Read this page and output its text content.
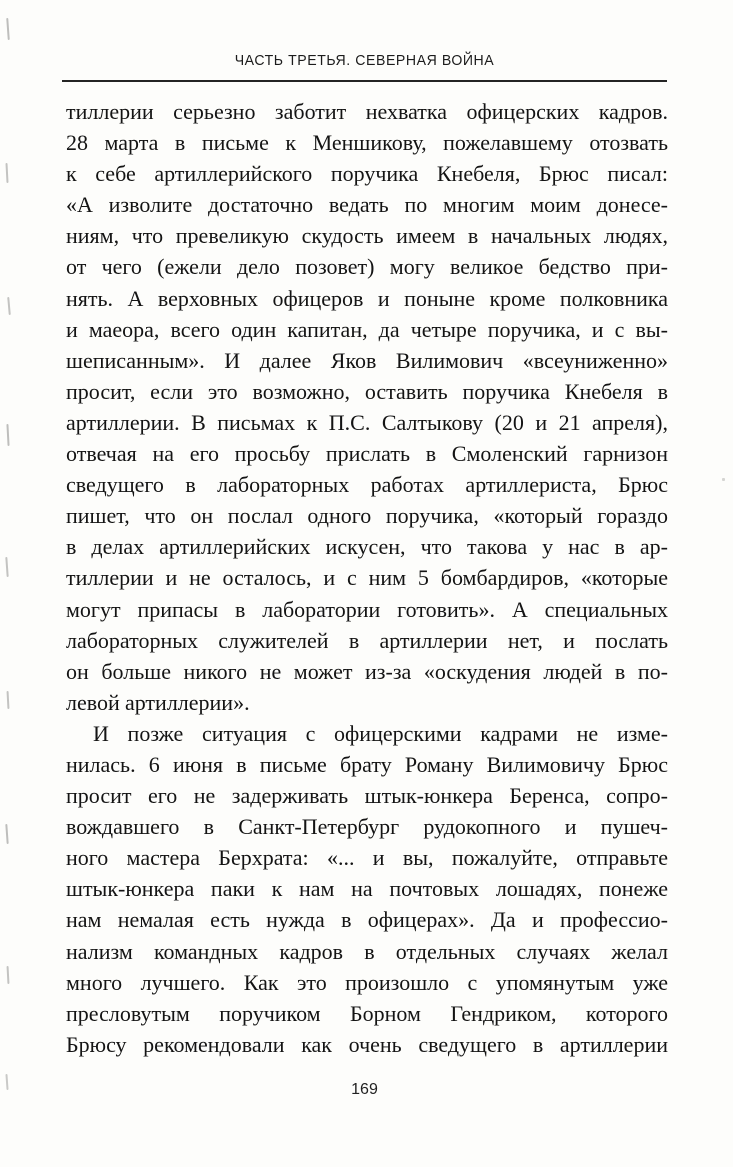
ЧАСТЬ ТРЕТЬЯ. СЕВЕРНАЯ ВОЙНА
тиллерии серьезно заботит нехватка офицерских кадров.
28 марта в письме к Меншикову, пожелавшему отозвать
к себе артиллерийского поручика Кнебеля, Брюс писал:
«А изволите достаточно ведать по многим моим донесе-
ниям, что превеликую скудость имеем в начальных людях,
от чего (ежели дело позовет) могу великое бедство при-
нять. А верховных офицеров и поныне кроме полковника
и маеора, всего один капитан, да четыре поручика, и с вы-
шеписанным». И далее Яков Вилимович «всеуниженно»
просит, если это возможно, оставить поручика Кнебеля в
артиллерии. В письмах к П.С. Салтыкову (20 и 21 апреля),
отвечая на его просьбу прислать в Смоленский гарнизон
сведущего в лабораторных работах артиллериста, Брюс
пишет, что он послал одного поручика, «который гораздо
в делах артиллерийских искусен, что такова у нас в ар-
тиллерии и не осталось, и с ним 5 бомбардиров, «которые
могут припасы в лаборатории готовить». А специальных
лабораторных служителей в артиллерии нет, и послать
он больше никого не может из-за «оскудения людей в по-
левой артиллерии».
И позже ситуация с офицерскими кадрами не изме-
нилась. 6 июня в письме брату Роману Вилимовичу Брюс
просит его не задерживать штык-юнкера Беренса, сопро-
вождавшего в Санкт-Петербург рудокопного и пушеч-
ного мастера Берхрата: «... и вы, пожалуйте, отправьте
штык-юнкера паки к нам на почтовых лошадях, понеже
нам немалая есть нужда в офицерах». Да и профессио-
нализм командных кадров в отдельных случаях желал
много лучшего. Как это произошло с упомянутым уже
пресловутым поручиком Борном Гендриком, которого
Брюсу рекомендовали как очень сведущего в артиллерии
169
